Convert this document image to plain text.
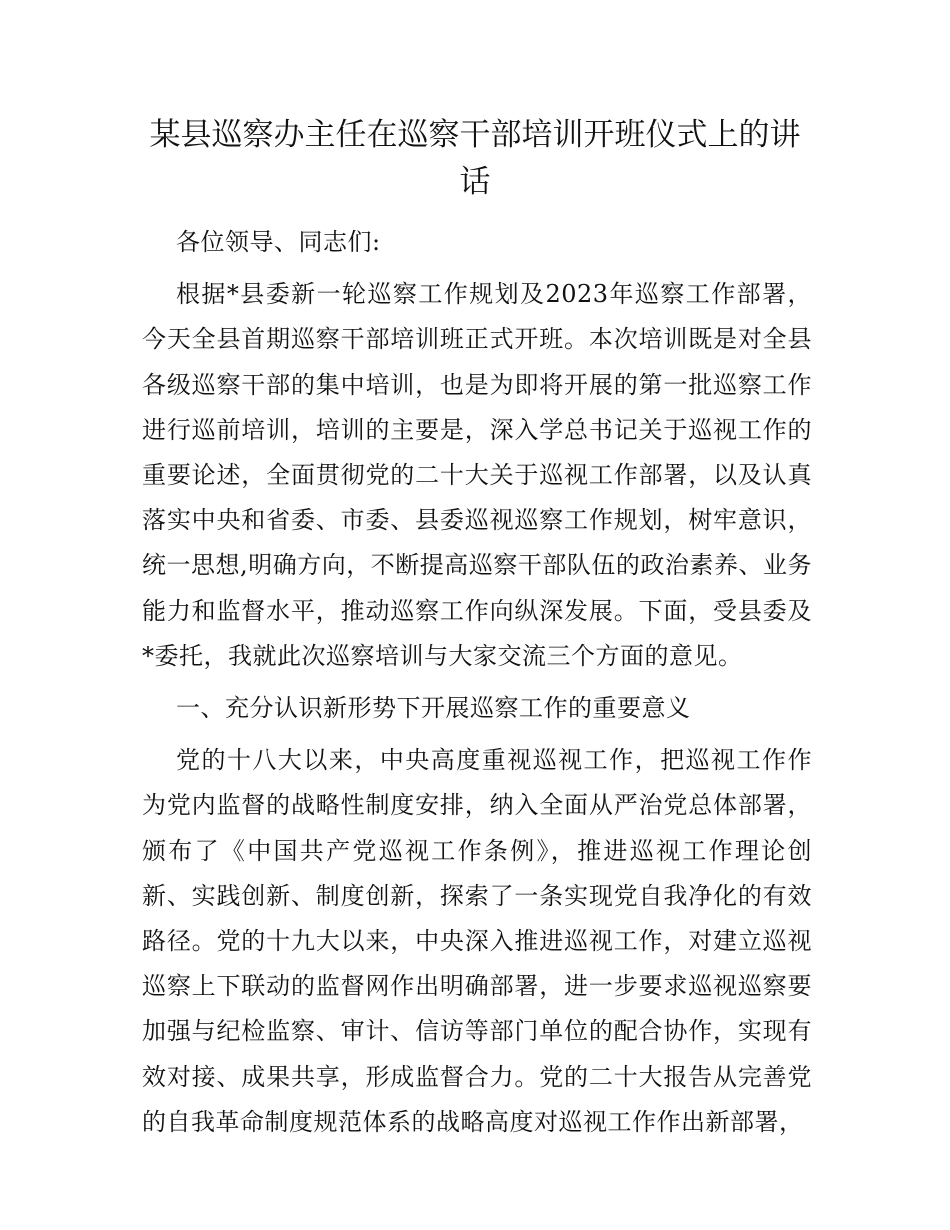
某县巡察办主任在巡察干部培训开班仪式上的讲话

各位领导、同志们:

根据*县委新一轮巡察工作规划及2023年巡察工作部署，今天全县首期巡察干部培训班正式开班。本次培训既是对全县各级巡察干部的集中培训，也是为即将开展的第一批巡察工作进行巡前培训，培训的主要是，深入学总书记关于巡视工作的重要论述，全面贯彻党的二十大关于巡视工作部署，以及认真落实中央和省委、市委、县委巡视巡察工作规划，树牢意识，统一思想,明确方向，不断提高巡察干部队伍的政治素养、业务能力和监督水平，推动巡察工作向纵深发展。下面，受县委及*委托，我就此次巡察培训与大家交流三个方面的意见。

一、充分认识新形势下开展巡察工作的重要意义

党的十八大以来，中央高度重视巡视工作，把巡视工作作为党内监督的战略性制度安排，纳入全面从严治党总体部署，颁布了《中国共产党巡视工作条例》，推进巡视工作理论创新、实践创新、制度创新，探索了一条实现党自我净化的有效路径。党的十九大以来，中央深入推进巡视工作，对建立巡视巡察上下联动的监督网作出明确部署，进一步要求巡视巡察要加强与纪检监察、审计、信访等部门单位的配合协作，实现有效对接、成果共享，形成监督合力。党的二十大报告从完善党的自我革命制度规范体系的战略高度对巡视工作作出新部署，
